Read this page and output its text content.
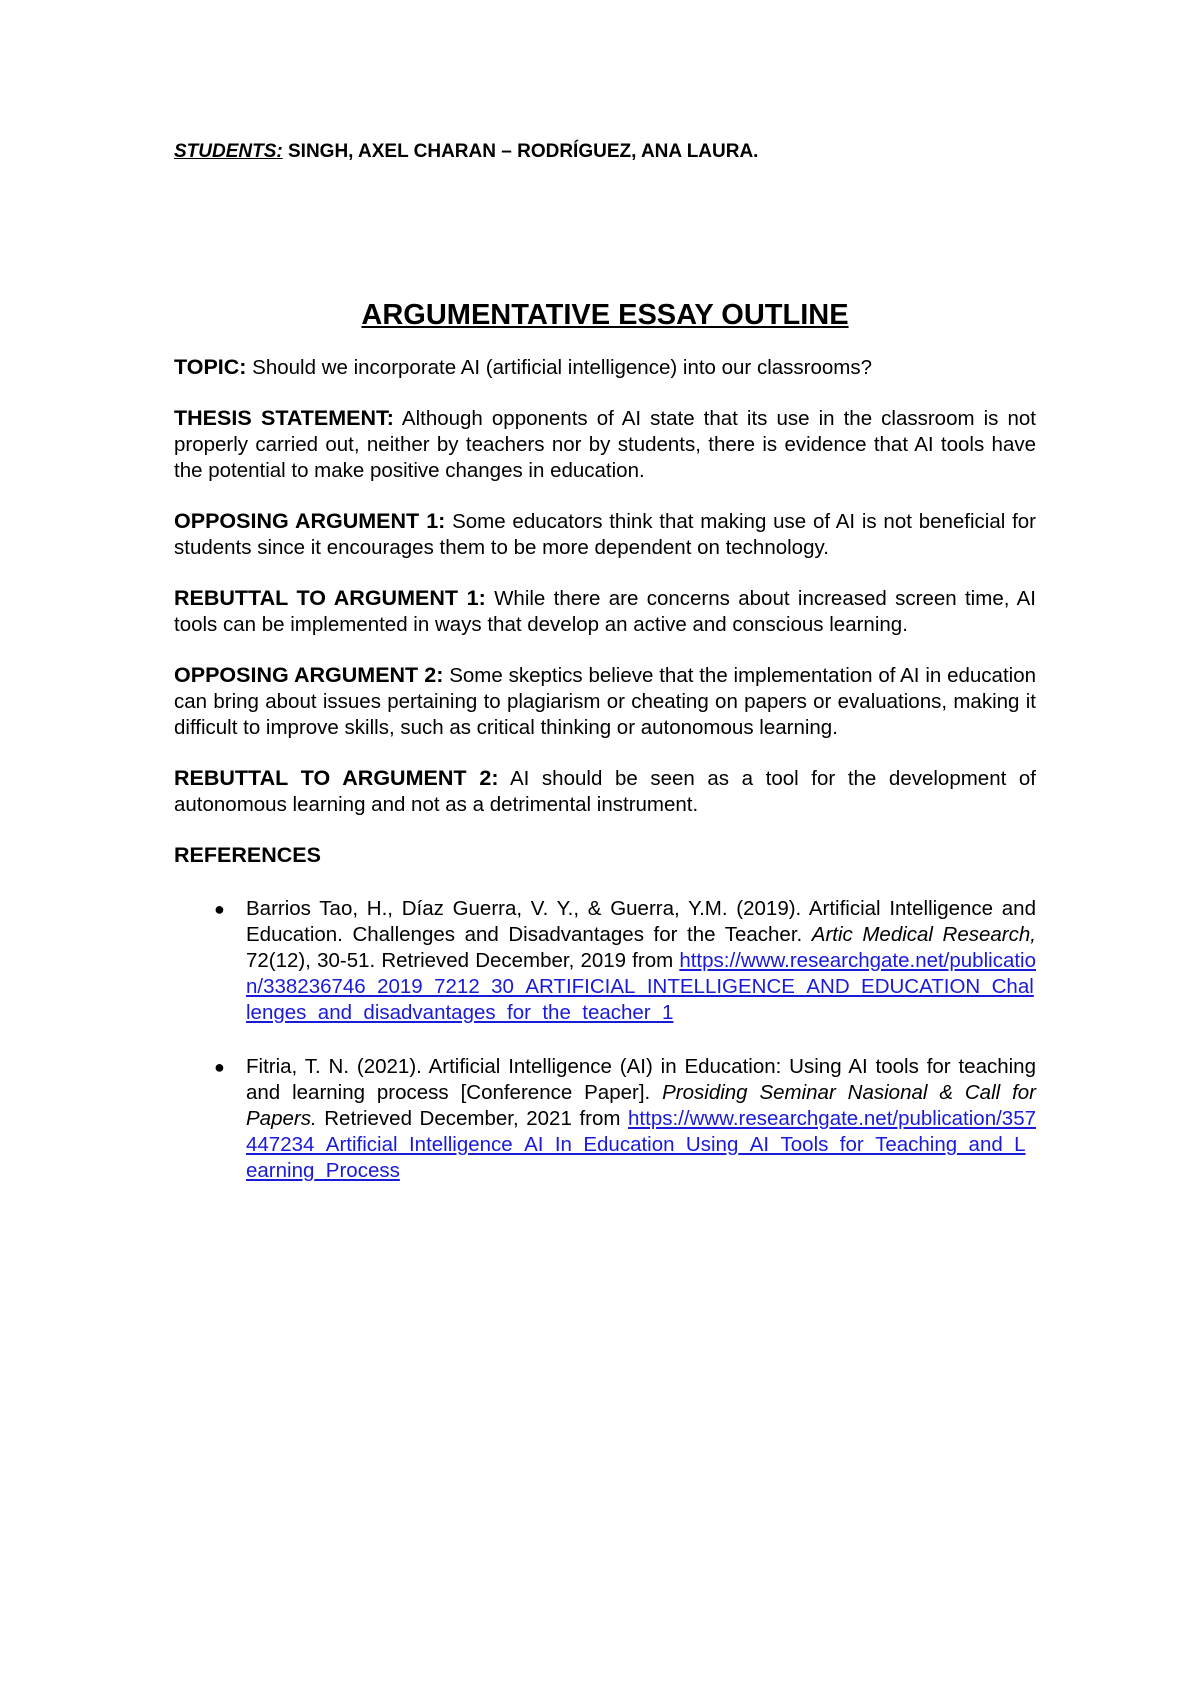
STUDENTS: SINGH, AXEL CHARAN – RODRÍGUEZ, ANA LAURA.

ARGUMENTATIVE ESSAY OUTLINE

TOPIC: Should we incorporate AI (artificial intelligence) into our classrooms?

THESIS STATEMENT: Although opponents of AI state that its use in the classroom is not properly carried out, neither by teachers nor by students, there is evidence that AI tools have the potential to make positive changes in education.

OPPOSING ARGUMENT 1: Some educators think that making use of AI is not beneficial for students since it encourages them to be more dependent on technology.

REBUTTAL TO ARGUMENT 1: While there are concerns about increased screen time, AI tools can be implemented in ways that develop an active and conscious learning.

OPPOSING ARGUMENT 2: Some skeptics believe that the implementation of AI in education can bring about issues pertaining to plagiarism or cheating on papers or evaluations, making it difficult to improve skills, such as critical thinking or autonomous learning.

REBUTTAL TO ARGUMENT 2: AI should be seen as a tool for the development of autonomous learning and not as a detrimental instrument.

REFERENCES
● Barrios Tao, H., Díaz Guerra, V. Y., & Guerra, Y.M. (2019). Artificial Intelligence and Education. Challenges and Disadvantages for the Teacher. Artic Medical Research, 72(12), 30-51. Retrieved December, 2019 from https://www.researchgate.net/publication/338236746_2019_7212_30_ARTIFICIAL_INTELLIGENCE_AND_EDUCATION_Challenges_and_disadvantages_for_the_teacher_1
● Fitria, T. N. (2021). Artificial Intelligence (AI) in Education: Using AI tools for teaching and learning process [Conference Paper]. Prosiding Seminar Nasional & Call for Papers. Retrieved December, 2021 from https://www.researchgate.net/publication/357447234_Artificial_Intelligence_AI_In_Education_Using_AI_Tools_for_Teaching_and_Learning_Process
